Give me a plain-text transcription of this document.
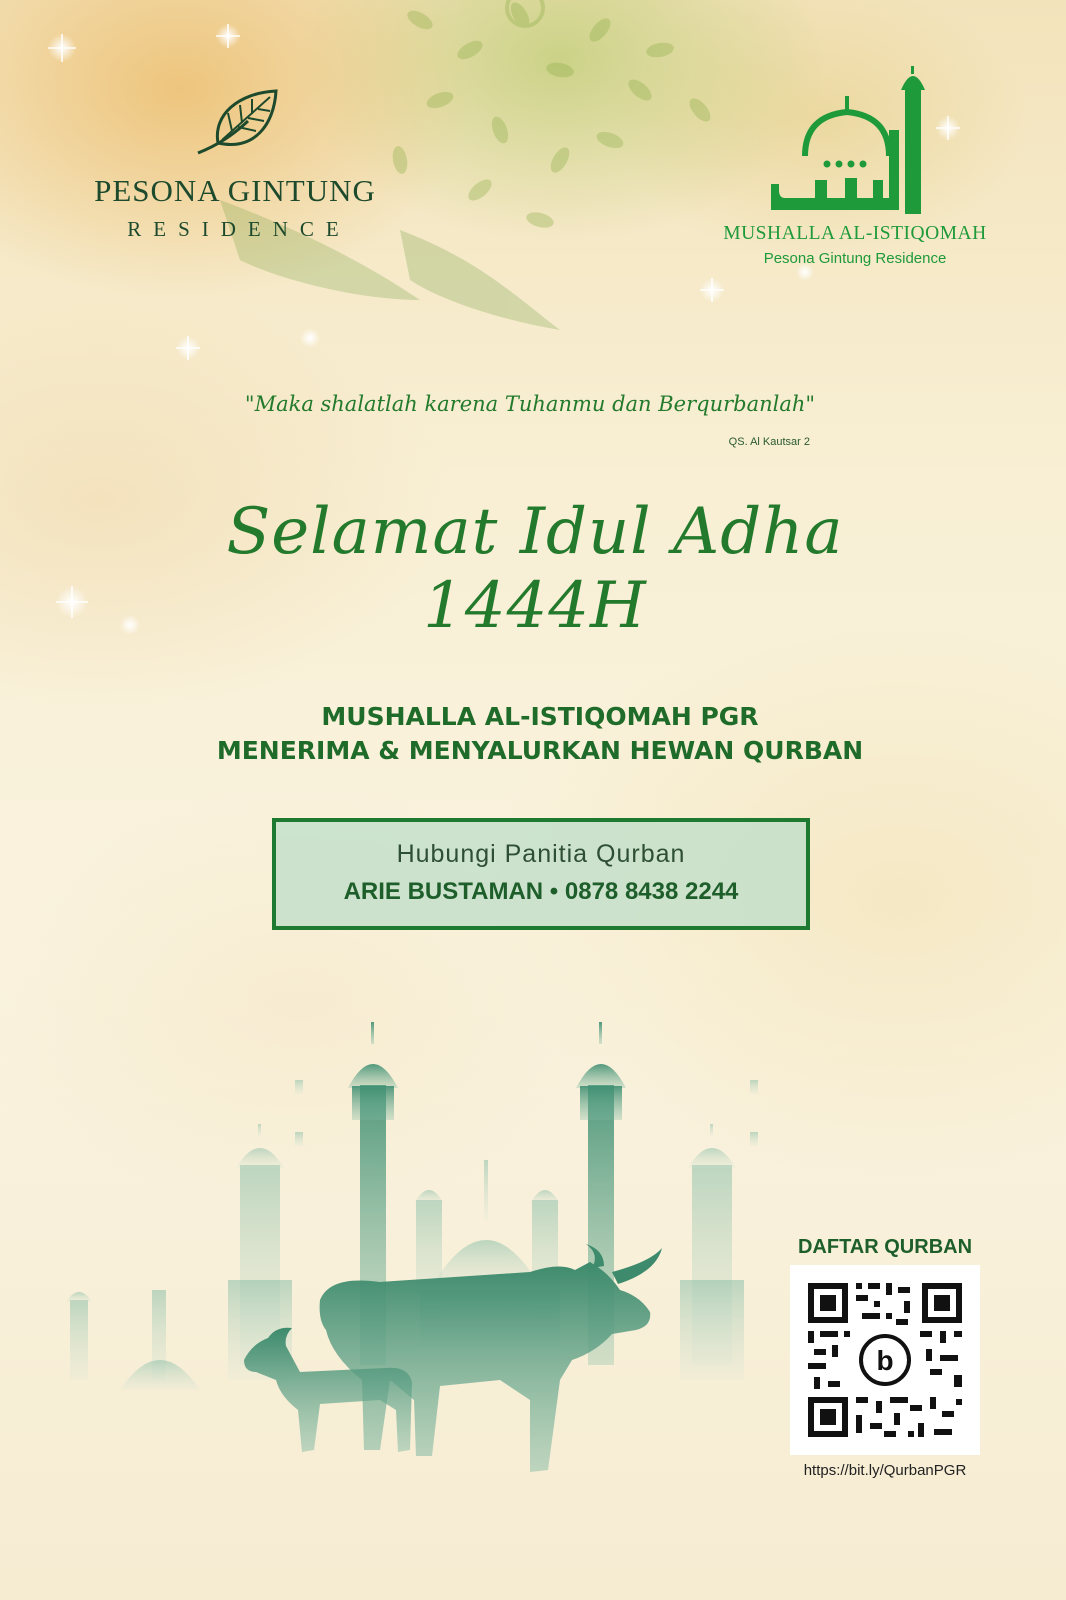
PESONA GINTUNG
RESIDENCE	MUSHALLA AL-ISTIQOMAH
Pesona Gintung Residence
"Maka shalatlah karena Tuhanmu dan Berqurbanlah"
QS. Al Kautsar 2
Selamat Idul Adha 1444H
MUSHALLA AL-ISTIQOMAH PGR
MENERIMA & MENYALURKAN HEWAN QURBAN
Hubungi Panitia Qurban
ARIE BUSTAMAN • 0878 8438 2244
DAFTAR QURBAN
b
https://bit.ly/QurbanPGR
